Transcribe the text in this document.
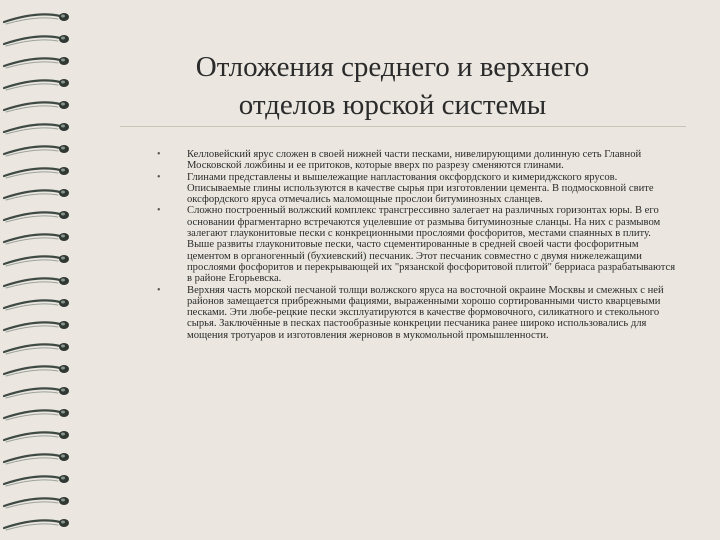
Отложения среднего и верхнего отделов юрской системы
• Келловейский ярус сложен в своей нижней части песками, нивелирующими долинную сеть Главной Московской ложбины и ее притоков, которые вверх по разрезу сменяются глинами.
• Глинами представлены и вышележащие напластования оксфордского и кимериджского ярусов. Описываемые глины используются в качестве сырья при изготовлении цемента. В подмосковной свите оксфордского яруса отмечались маломощные прослои битуминозных сланцев.
• Сложно построенный волжский комплекс трансгрессивно залегает на различных горизонтах юры. В его основании фрагментарно встречаются уцелевшие от размыва битуминозные сланцы. На них с размывом залегают глауконитовые пески с конкреционными прослоями фосфоритов, местами спаянных в плиту. Выше развиты глауконитовые пески, часто сцементированные в средней своей части фосфоритным цементом в органогенный (бухиевский) песчаник. Этот песчаник совместно с двумя нижележащими прослоями фосфоритов и перекрывающей их "рязанской фосфоритовой плитой" берриаса разрабатываются в районе Егорьевска.
• Верхняя часть морской песчаной толщи волжского яруса на восточной окраине Москвы и смежных с ней районов замещается прибрежными фациями, выраженными хорошо сортированными чисто кварцевыми песками. Эти любе-рецкие пески эксплуатируются в качестве формовочного, силикатного и стекольного сырья. Заключённые в песках пастообразные конкреции песчаника ранее широко использовались для мощения тротуаров и изготовления жерновов в мукомольной промышленности.
